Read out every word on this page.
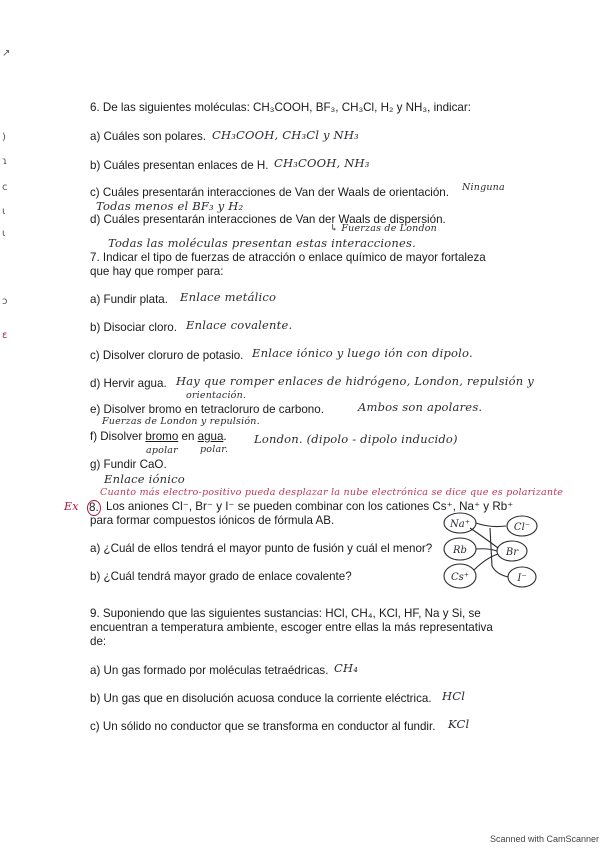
↗
)
ɿ
c
ι
ι
ɔ
ɛ
6. De las siguientes moléculas: CH₃COOH, BF₃, CH₃Cl, H₂ y NH₃, indicar:
a) Cuáles son polares. CH₃COOH, CH₃Cl y NH₃
b) Cuáles presentan enlaces de H. CH₃COOH, NH₃
c) Cuáles presentarán interacciones de Van der Waals de orientación. Ninguna
Todas menos el BF₃ y H₂
d) Cuáles presentarán interacciones de Van der Waals de dispersión.
↳ Fuerzas de London
Todas las moléculas presentan estas interacciones.
7. Indicar el tipo de fuerzas de atracción o enlace químico de mayor fortaleza
que hay que romper para:
a) Fundir plata. Enlace metálico
b) Disociar cloro. Enlace covalente.
c) Disolver cloruro de potasio. Enlace iónico y luego ión con dipolo.
d) Hervir agua. Hay que romper enlaces de hidrógeno, London, repulsión y
orientación.
e) Disolver bromo en tetracloruro de carbono.	Ambos son apolares.
Fuerzas de London y repulsión.
f) Disolver bromo en agua.
apolar polar.
London. (dipolo - dipolo inducido)
g) Fundir CaO.
Enlace iónico
Cuanto más electro-positivo pueda desplazar la nube electrónica se dice que es polarizante
Ex 8. Los aniones Cl⁻, Br⁻ y I⁻ se pueden combinar con los cationes Cs⁺, Na⁺ y Rb⁺
para formar compuestos iónicos de fórmula AB.
a) ¿Cuál de ellos tendrá el mayor punto de fusión y cuál el menor?
b) ¿Cuál tendrá mayor grado de enlace covalente?
Na⁺	Cl⁻
Rb	Br
Cs⁺	I⁻
9. Suponiendo que las siguientes sustancias: HCl, CH₄, KCl, HF, Na y Si, se
encuentran a temperatura ambiente, escoger entre ellas la más representativa
de:
a) Un gas formado por moléculas tetraédricas. CH₄
b) Un gas que en disolución acuosa conduce la corriente eléctrica. HCl
c) Un sólido no conductor que se transforma en conductor al fundir. KCl
Scanned with CamScanner
